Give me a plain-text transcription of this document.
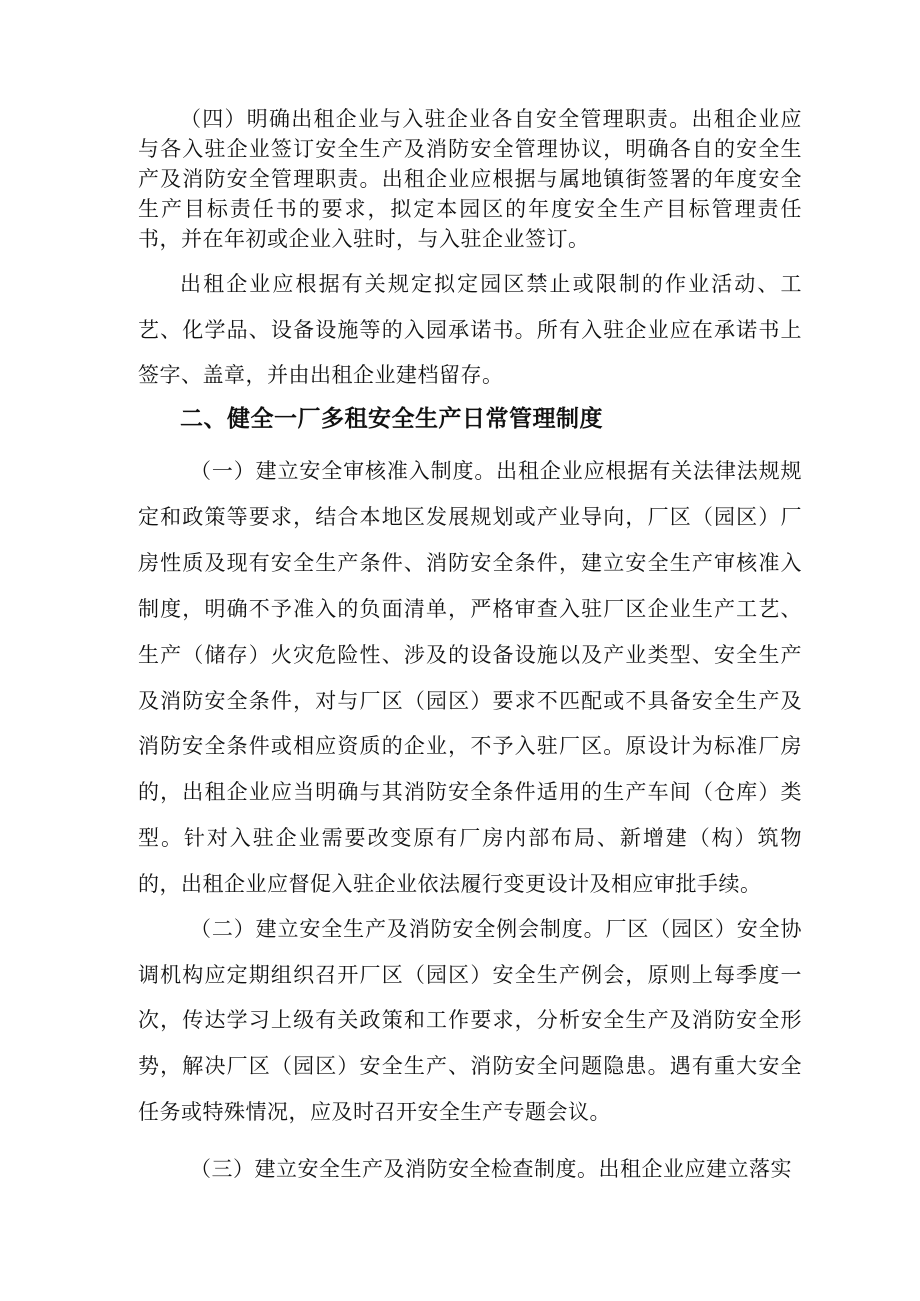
（四）明确出租企业与入驻企业各自安全管理职责。出租企业应与各入驻企业签订安全生产及消防安全管理协议，明确各自的安全生产及消防安全管理职责。出租企业应根据与属地镇街签署的年度安全生产目标责任书的要求，拟定本园区的年度安全生产目标管理责任书，并在年初或企业入驻时，与入驻企业签订。

出租企业应根据有关规定拟定园区禁止或限制的作业活动、工艺、化学品、设备设施等的入园承诺书。所有入驻企业应在承诺书上签字、盖章，并由出租企业建档留存。

二、健全一厂多租安全生产日常管理制度

（一）建立安全审核准入制度。出租企业应根据有关法律法规规定和政策等要求，结合本地区发展规划或产业导向，厂区（园区）厂房性质及现有安全生产条件、消防安全条件，建立安全生产审核准入制度，明确不予准入的负面清单，严格审查入驻厂区企业生产工艺、生产（储存）火灾危险性、涉及的设备设施以及产业类型、安全生产及消防安全条件，对与厂区（园区）要求不匹配或不具备安全生产及消防安全条件或相应资质的企业，不予入驻厂区。原设计为标准厂房的，出租企业应当明确与其消防安全条件适用的生产车间（仓库）类型。针对入驻企业需要改变原有厂房内部布局、新增建（构）筑物的，出租企业应督促入驻企业依法履行变更设计及相应审批手续。

（二）建立安全生产及消防安全例会制度。厂区（园区）安全协调机构应定期组织召开厂区（园区）安全生产例会，原则上每季度一次，传达学习上级有关政策和工作要求，分析安全生产及消防安全形势，解决厂区（园区）安全生产、消防安全问题隐患。遇有重大安全任务或特殊情况，应及时召开安全生产专题会议。

（三）建立安全生产及消防安全检查制度。出租企业应建立落实
